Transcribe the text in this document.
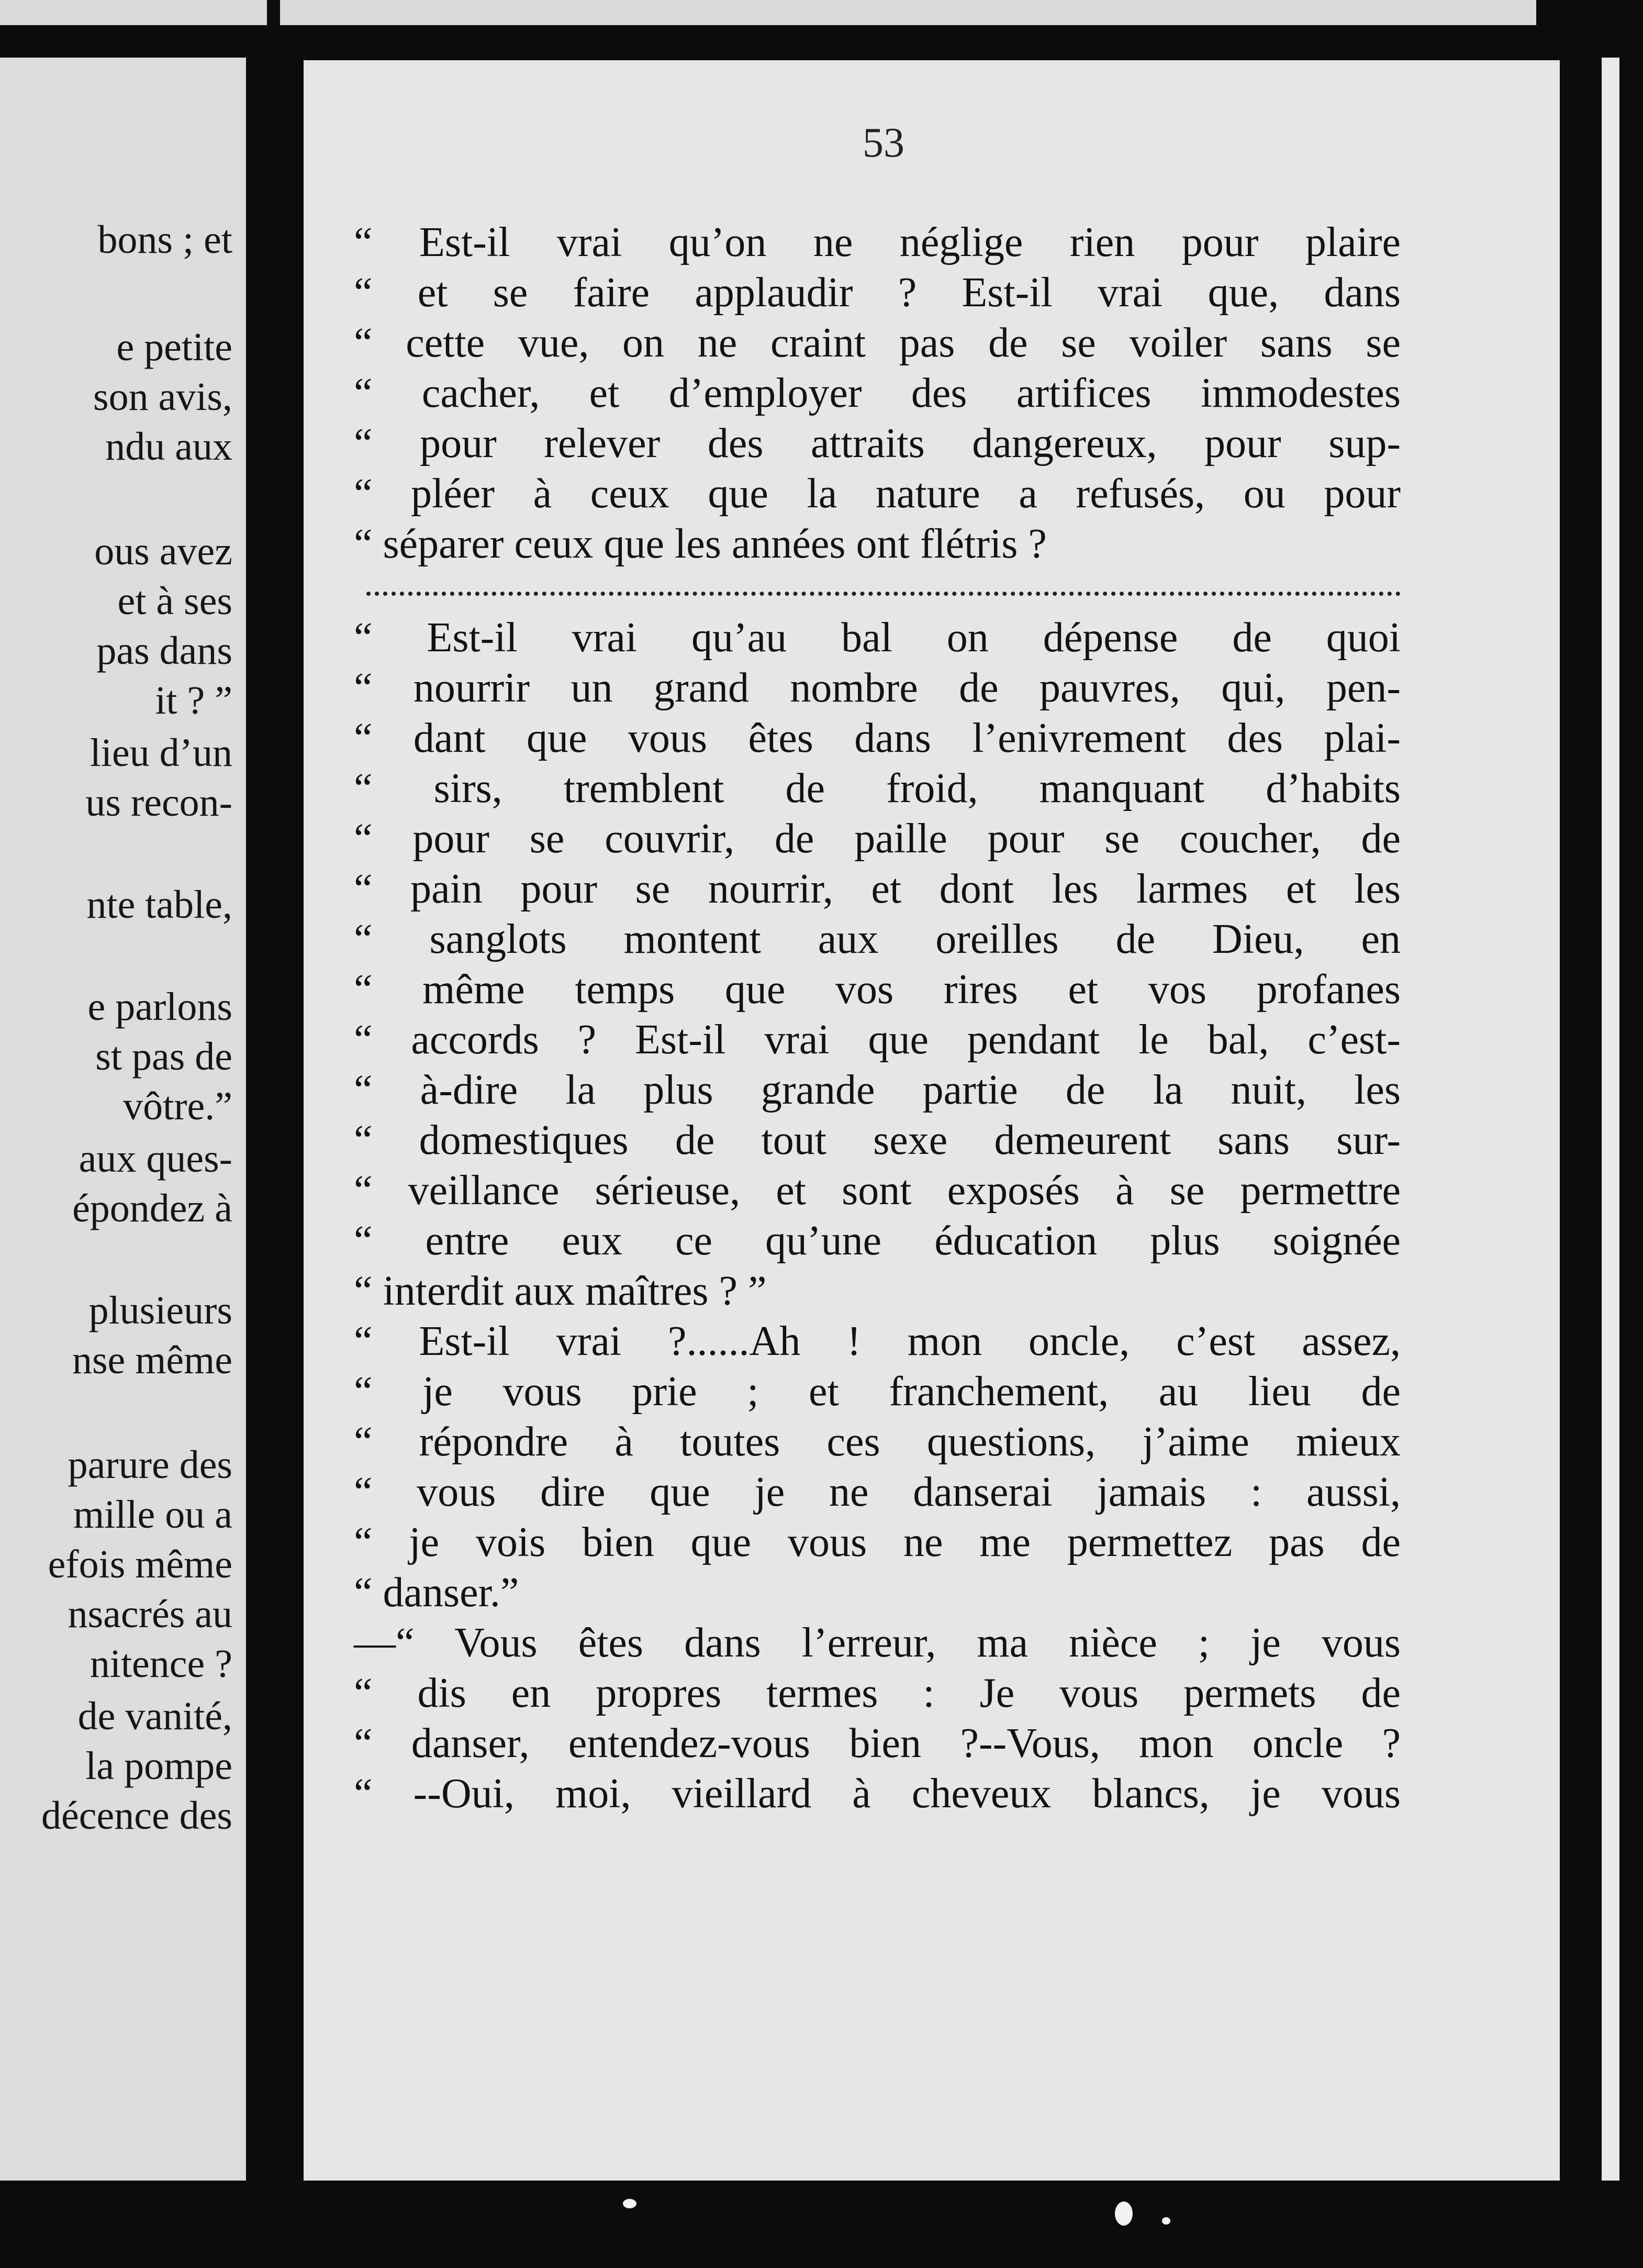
bons ; et

e petite

son avis,

ndu aux

ous avez

et à ses

pas dans

it ? ”

lieu d’un

us recon-

nte table,

e parlons

st pas de

vôtre.”

aux ques-

épondez à

plusieurs

nse même

parure des

mille ou a

efois même

nsacrés au

nitence ?

de vanité,

la pompe

décence des

53

“ Est-il vrai qu’on ne néglige rien pour plaire

“ et se faire applaudir ? Est-il vrai que, dans

“ cette vue, on ne craint pas de se voiler sans se

“ cacher, et d’employer des artifices immodestes

“ pour relever des attraits dangereux, pour sup-

“ pléer à ceux que la nature a refusés, ou pour

“ séparer ceux que les années ont flétris ?

“ Est-il vrai qu’au bal on dépense de quoi

“ nourrir un grand nombre de pauvres, qui, pen-

“ dant que vous êtes dans l’enivrement des plai-

“ sirs, tremblent de froid, manquant d’habits

“ pour se couvrir, de paille pour se coucher, de

“ pain pour se nourrir, et dont les larmes et les

“ sanglots montent aux oreilles de Dieu, en

“ même temps que vos rires et vos profanes

“ accords ? Est-il vrai que pendant le bal, c’est-

“ à-dire la plus grande partie de la nuit, les

“ domestiques de tout sexe demeurent sans sur-

“ veillance sérieuse, et sont exposés à se permettre

“ entre eux ce qu’une éducation plus soignée

“ interdit aux maîtres ? ”

“ Est-il vrai ?......Ah ! mon oncle, c’est assez,

“ je vous prie ; et franchement, au lieu de

“ répondre à toutes ces questions, j’aime mieux

“ vous dire que je ne danserai jamais : aussi,

“ je vois bien que vous ne me permettez pas de

“ danser.”

—“ Vous êtes dans l’erreur, ma nièce ; je vous

“ dis en propres termes : Je vous permets de

“ danser, entendez-vous bien ?--Vous, mon oncle ?

“ --Oui, moi, vieillard à cheveux blancs, je vous
